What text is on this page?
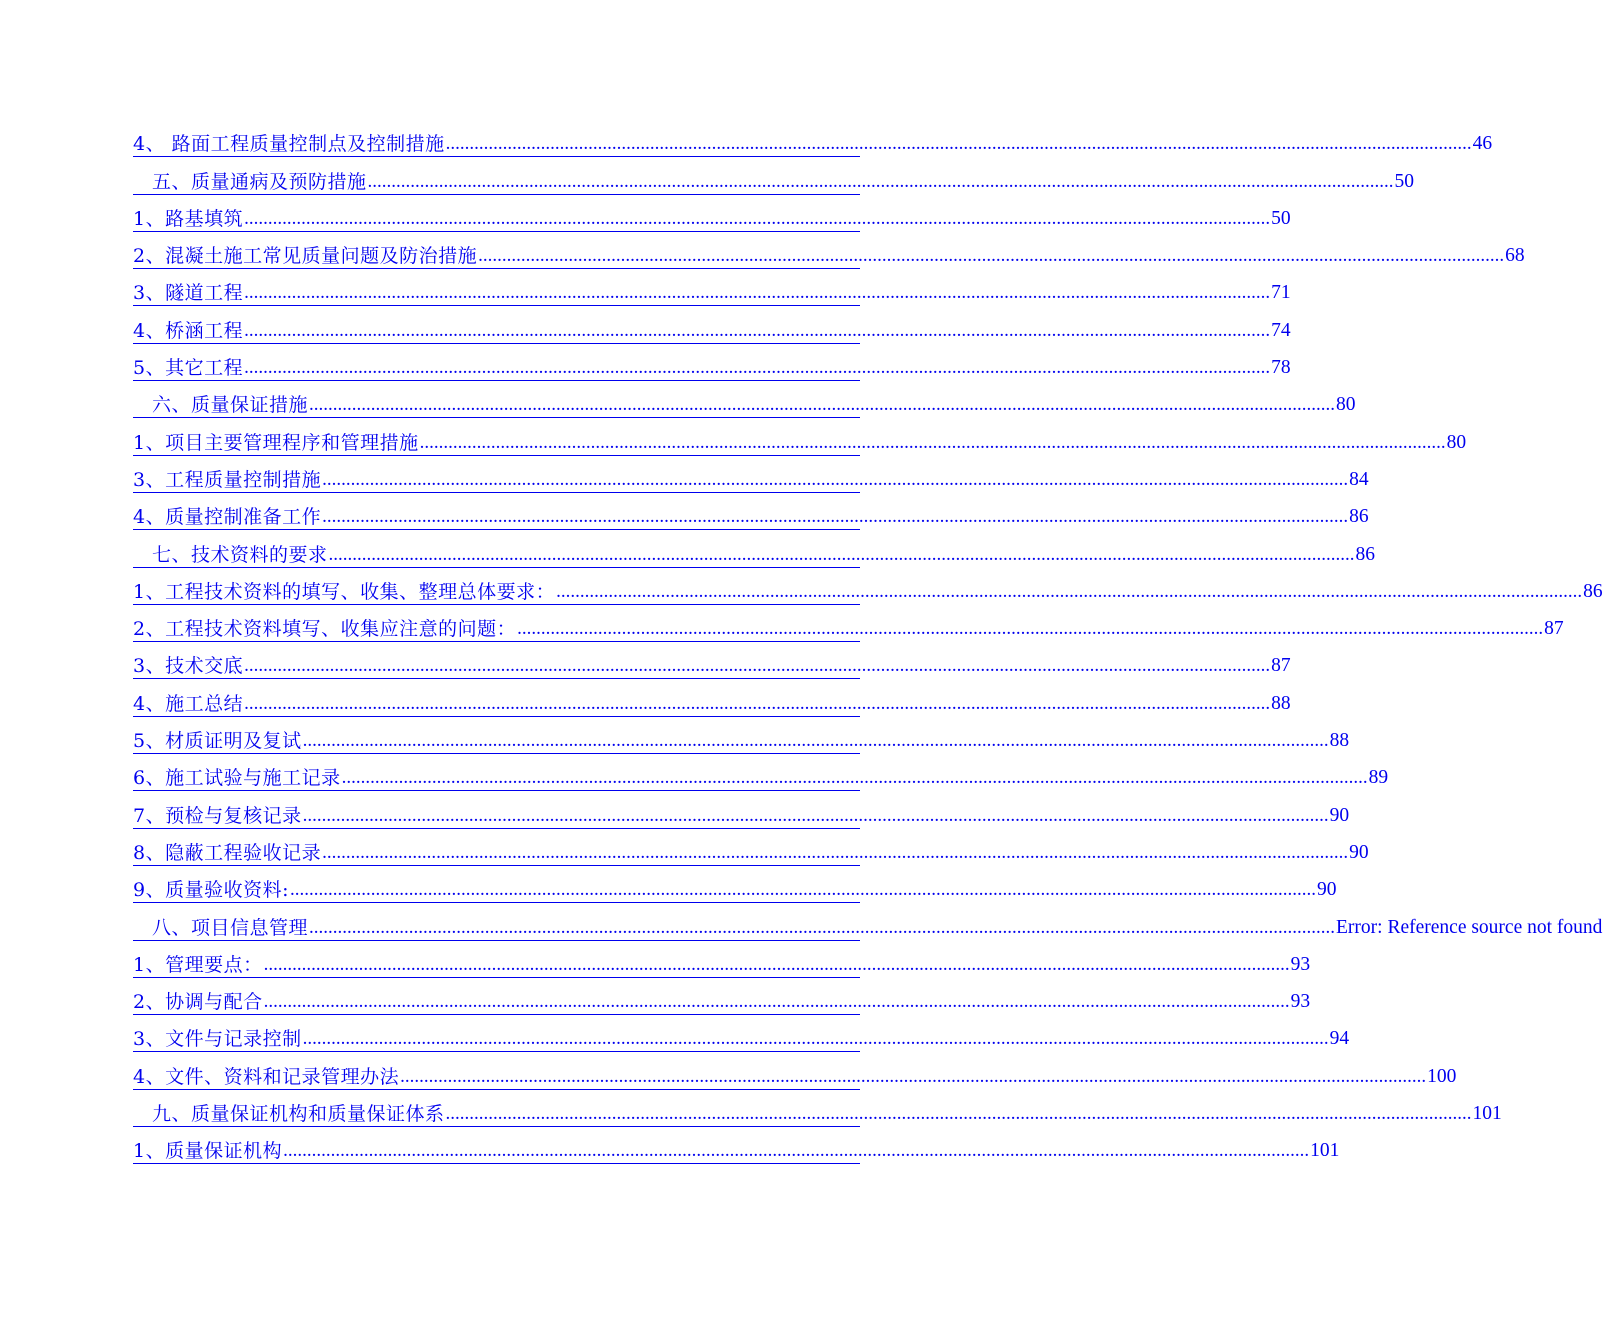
4、 路面工程质量控制点及控制措施 ........................................................................................................................................................................................................................ 46
五、质量通病及预防措施 ........................................................................................................................................................................................................................ 50
1、路基填筑 ........................................................................................................................................................................................................................ 50
2、混凝土施工常见质量问题及防治措施 ........................................................................................................................................................................................................................ 68
3、隧道工程 ........................................................................................................................................................................................................................ 71
4、桥涵工程 ........................................................................................................................................................................................................................ 74
5、其它工程 ........................................................................................................................................................................................................................ 78
六、质量保证措施 ........................................................................................................................................................................................................................ 80
1、项目主要管理程序和管理措施 ........................................................................................................................................................................................................................ 80
3、工程质量控制措施 ........................................................................................................................................................................................................................ 84
4、质量控制准备工作 ........................................................................................................................................................................................................................ 86
七、技术资料的要求 ........................................................................................................................................................................................................................ 86
1、工程技术资料的填写、收集、整理总体要求： ........................................................................................................................................................................................................................ 86
2、工程技术资料填写、收集应注意的问题： ........................................................................................................................................................................................................................ 87
3、技术交底 ........................................................................................................................................................................................................................ 87
4、施工总结 ........................................................................................................................................................................................................................ 88
5、材质证明及复试 ........................................................................................................................................................................................................................ 88
6、施工试验与施工记录 ........................................................................................................................................................................................................................ 89
7、预检与复核记录 ........................................................................................................................................................................................................................ 90
8、隐蔽工程验收记录 ........................................................................................................................................................................................................................ 90
9、质量验收资料: ........................................................................................................................................................................................................................ 90
八、项目信息管理 ........................................................................................................................................................................................................................ Error: Reference source not found
1、管理要点： ........................................................................................................................................................................................................................ 93
2、协调与配合 ........................................................................................................................................................................................................................ 93
3、文件与记录控制 ........................................................................................................................................................................................................................ 94
4、文件、资料和记录管理办法 ........................................................................................................................................................................................................................ 100
九、质量保证机构和质量保证体系 ........................................................................................................................................................................................................................ 101
1、质量保证机构 ........................................................................................................................................................................................................................ 101
